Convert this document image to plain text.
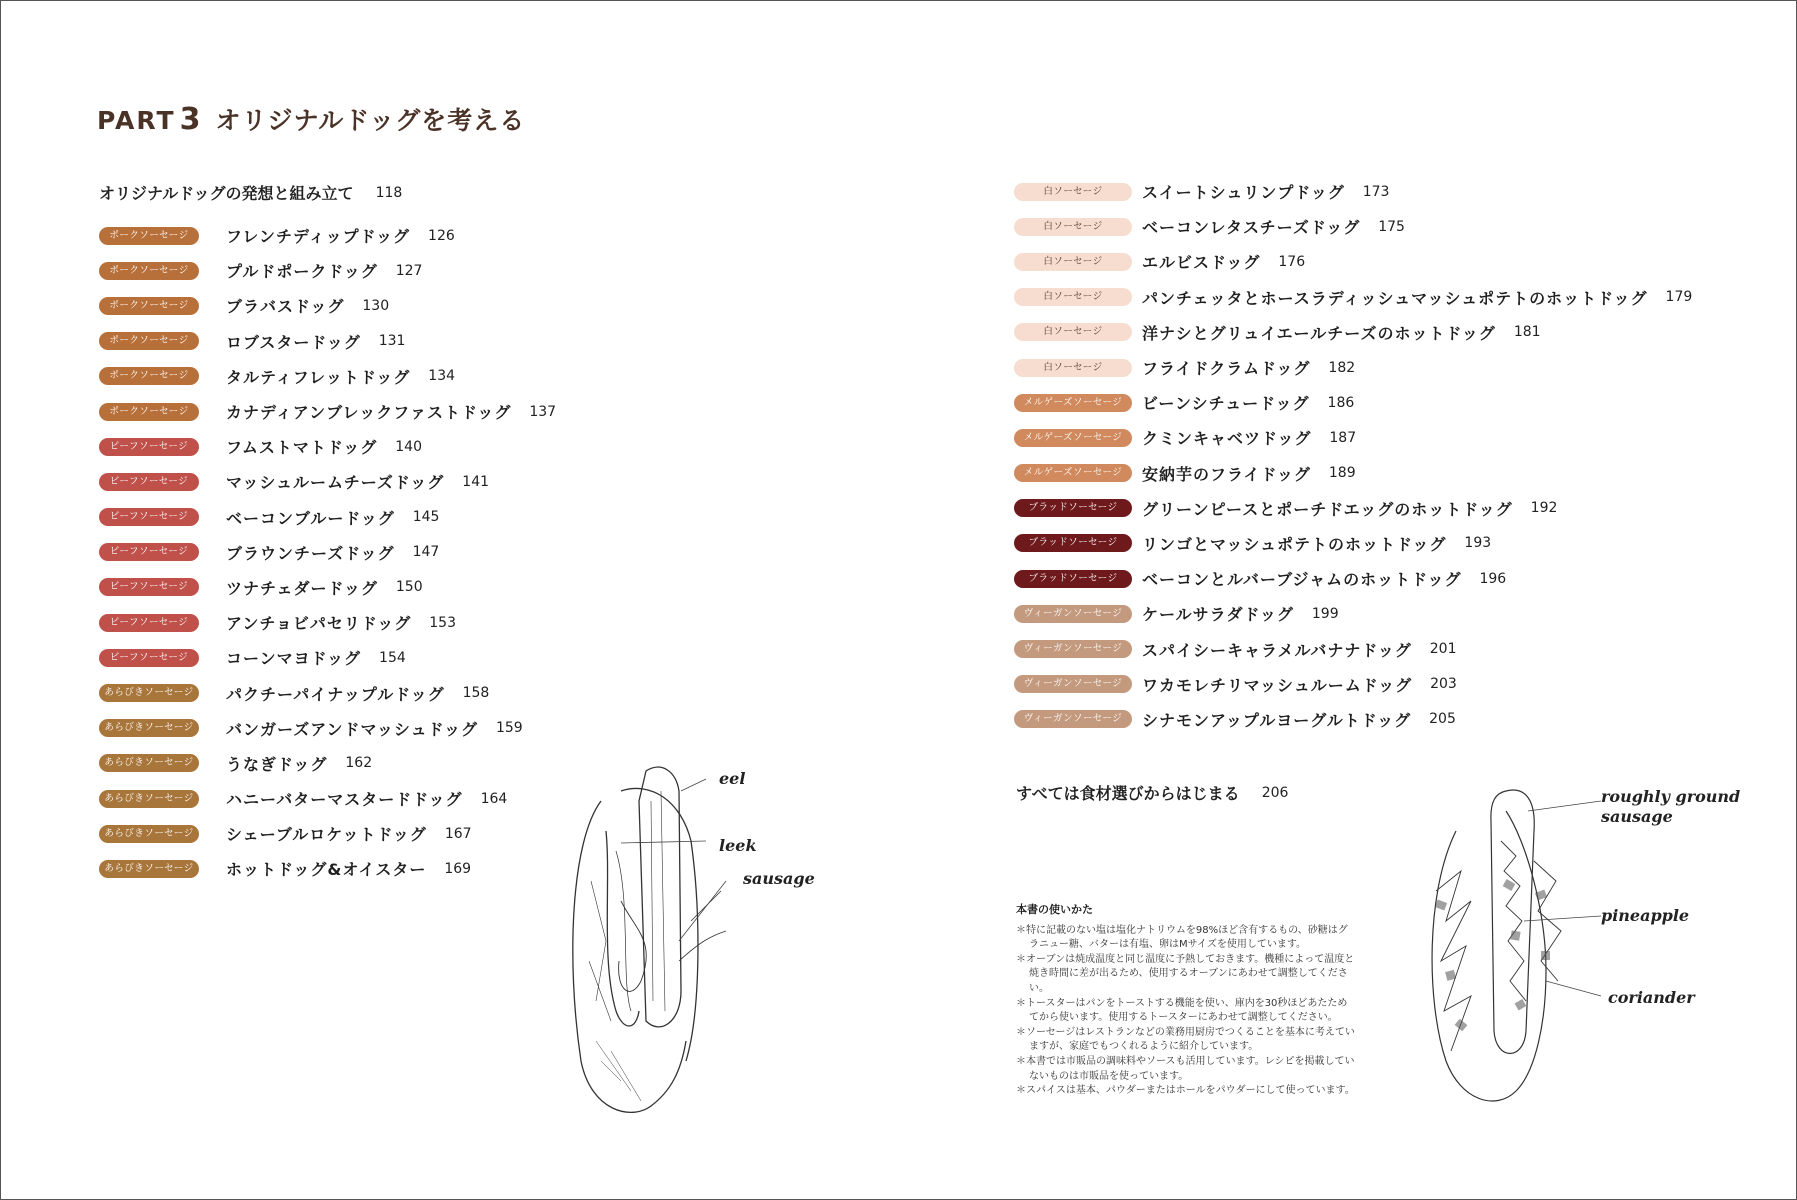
PART 3 オリジナルドッグを考える
オリジナルドッグの発想と組み立て 118
ポークソーセージ	フレンチディップドッグ 126
ポークソーセージ	プルドポークドッグ 127
ポークソーセージ	ブラバスドッグ 130
ポークソーセージ	ロブスタードッグ 131
ポークソーセージ	タルティフレットドッグ 134
ポークソーセージ	カナディアンブレックファストドッグ 137
ビーフソーセージ	フムストマトドッグ 140
ビーフソーセージ	マッシュルームチーズドッグ 141
ビーフソーセージ	ベーコンブルードッグ 145
ビーフソーセージ	ブラウンチーズドッグ 147
ビーフソーセージ	ツナチェダードッグ 150
ビーフソーセージ	アンチョビパセリドッグ 153
ビーフソーセージ	コーンマヨドッグ 154
あらびきソーセージ	パクチーパイナップルドッグ 158
あらびきソーセージ	バンガーズアンドマッシュドッグ 159
あらびきソーセージ	うなぎドッグ 162
あらびきソーセージ	ハニーバターマスタードドッグ 164
あらびきソーセージ	シェーブルロケットドッグ 167
あらびきソーセージ	ホットドッグ&オイスター 169
白ソーセージ	スイートシュリンプドッグ 173
白ソーセージ	ベーコンレタスチーズドッグ 175
白ソーセージ	エルビスドッグ 176
白ソーセージ	パンチェッタとホースラディッシュマッシュポテトのホットドッグ 179
白ソーセージ	洋ナシとグリュイエールチーズのホットドッグ 181
白ソーセージ	フライドクラムドッグ 182
メルゲーズソーセージ	ビーンシチュードッグ 186
メルゲーズソーセージ	クミンキャベツドッグ 187
メルゲーズソーセージ	安納芋のフライドッグ 189
ブラッドソーセージ	グリーンピースとポーチドエッグのホットドッグ 192
ブラッドソーセージ	リンゴとマッシュポテトのホットドッグ 193
ブラッドソーセージ	ベーコンとルバーブジャムのホットドッグ 196
ヴィーガンソーセージ	ケールサラダドッグ 199
ヴィーガンソーセージ	スパイシーキャラメルバナナドッグ 201
ヴィーガンソーセージ	ワカモレチリマッシュルームドッグ 203
ヴィーガンソーセージ	シナモンアップルヨーグルトドッグ 205
すべては食材選びからはじまる 206
本書の使いかた
＊特に記載のない塩は塩化ナトリウムを98%ほど含有するもの、砂糖はグラニュー糖、バターは有塩、卵はMサイズを使用しています。
＊オーブンは焼成温度と同じ温度に予熱しておきます。機種によって温度と焼き時間に差が出るため、使用するオーブンにあわせて調整してください。
＊トースターはパンをトーストする機能を使い、庫内を30秒ほどあたためてから使います。使用するトースターにあわせて調整してください。
＊ソーセージはレストランなどの業務用厨房でつくることを基本に考えていますが、家庭でもつくれるように紹介しています。
＊本書では市販品の調味料やソースも活用しています。レシピを掲載していないものは市販品を使っています。
＊スパイスは基本、パウダーまたはホールをパウダーにして使っています。
eel
leek
sausage
roughly ground sausage
pineapple
coriander
